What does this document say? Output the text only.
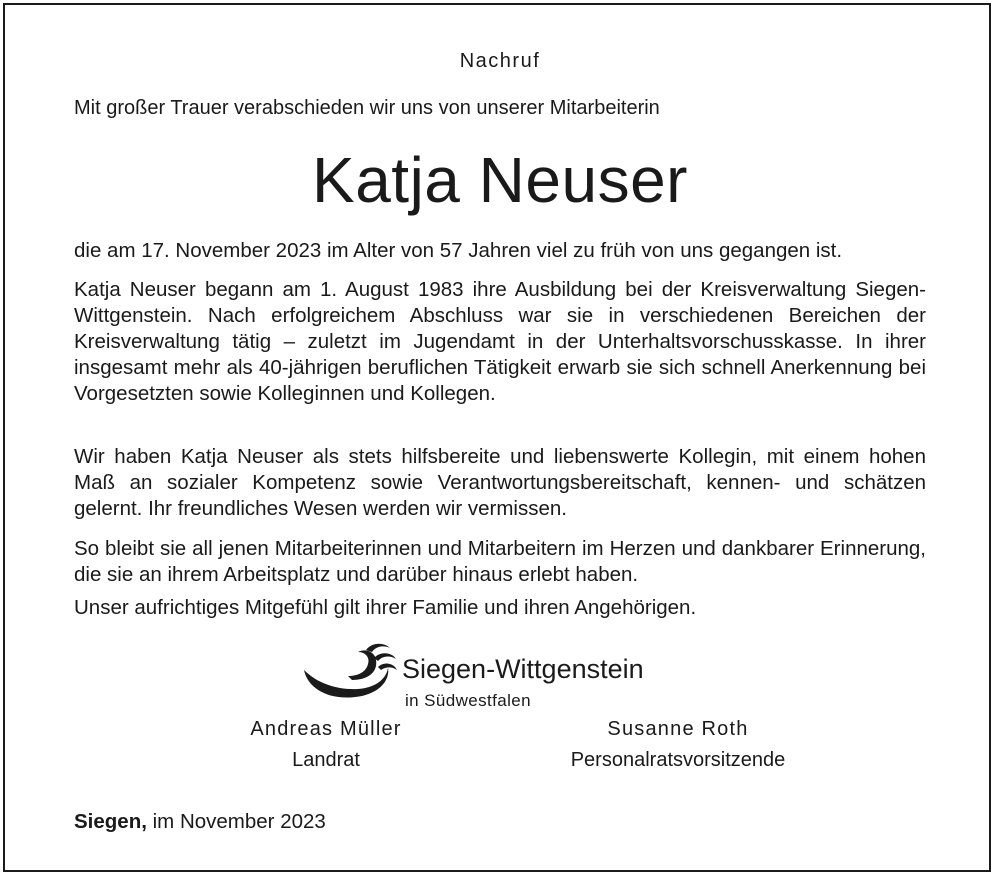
Nachruf
Mit großer Trauer verabschieden wir uns von unserer Mitarbeiterin
Katja Neuser
die am 17. November 2023 im Alter von 57 Jahren viel zu früh von uns gegangen ist.
Katja Neuser begann am 1. August 1983 ihre Ausbildung bei der Kreisverwaltung Siegen-Wittgenstein. Nach erfolgreichem Abschluss war sie in verschiedenen Bereichen der Kreisverwaltung tätig – zuletzt im Jugendamt in der Unterhaltsvorschusskasse. In ihrer insgesamt mehr als 40-jährigen beruflichen Tätigkeit erwarb sie sich schnell Anerkennung bei Vorgesetzten sowie Kolleginnen und Kollegen.
Wir haben Katja Neuser als stets hilfsbereite und liebenswerte Kollegin, mit einem hohen Maß an sozialer Kompetenz sowie Verantwortungsbereitschaft, kennen- und schätzen gelernt. Ihr freundliches Wesen werden wir vermissen.
So bleibt sie all jenen Mitarbeiterinnen und Mitarbeitern im Herzen und dankbarer Erinnerung, die sie an ihrem Arbeitsplatz und darüber hinaus erlebt haben.
Unser aufrichtiges Mitgefühl gilt ihrer Familie und ihren Angehörigen.
Siegen-Wittgenstein
in Südwestfalen
Andreas Müller
Landrat
Susanne Roth
Personalratsvorsitzende
Siegen, im November 2023
